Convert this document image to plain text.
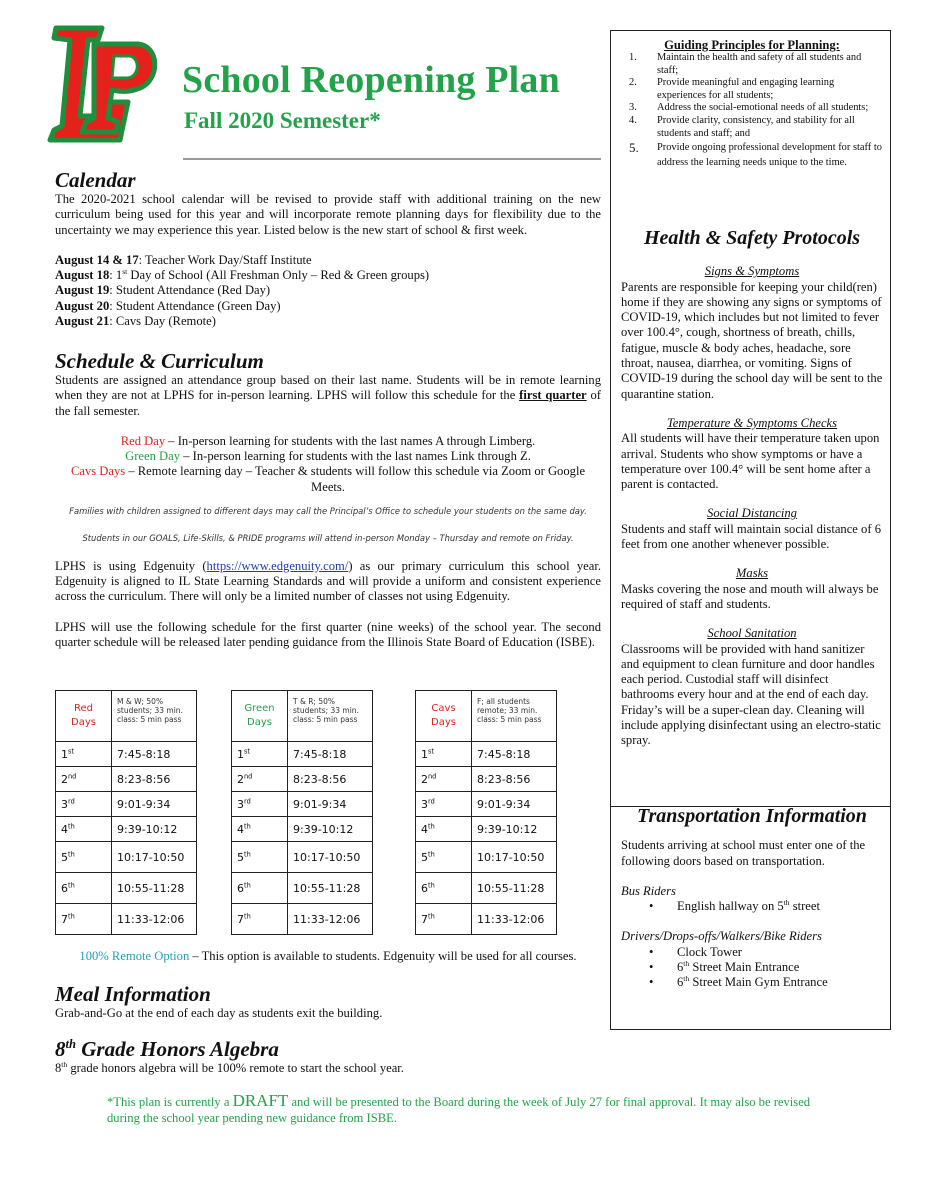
School Reopening Plan
Fall 2020 Semester*
Calendar

The 2020-2021 school calendar will be revised to provide staff with additional training on the new curriculum being used for this year and will incorporate remote planning days for flexibility due to the uncertainty we may experience this year. Listed below is the new start of school & first week.

August 14 & 17: Teacher Work Day/Staff Institute
August 18: 1st Day of School (All Freshman Only – Red & Green groups)
August 19: Student Attendance (Red Day)
August 20: Student Attendance (Green Day)
August 21: Cavs Day (Remote)
Schedule & Curriculum

Students are assigned an attendance group based on their last name. Students will be in remote learning when they are not at LPHS for in-person learning. LPHS will follow this schedule for the first quarter of the fall semester.

Red Day – In-person learning for students with the last names A through Limberg.
Green Day – In-person learning for students with the last names Link through Z.
Cavs Days – Remote learning day – Teacher & students will follow this schedule via Zoom or Google Meets.
Families with children assigned to different days may call the Principal’s Office to schedule your students on the same day.
Students in our GOALS, Life-Skills, & PRIDE programs will attend in-person Monday – Thursday and remote on Friday.

LPHS is using Edgenuity (https://www.edgenuity.com/) as our primary curriculum this school year. Edgenuity is aligned to IL State Learning Standards and will provide a uniform and consistent experience across the curriculum. There will only be a limited number of classes not using Edgenuity.

LPHS will use the following schedule for the first quarter (nine weeks) of the school year. The second quarter schedule will be released later pending guidance from the Illinois State Board of Education (ISBE).

Red
Days	M & W; 50% students; 33 min. class: 5 min pass
1st	7:45-8:18
2nd	8:23-8:56
3rd	9:01-9:34
4th	9:39-10:12
5th	10:17-10:50
6th	10:55-11:28
7th	11:33-12:06
Green
Days	T & R; 50% students; 33 min. class: 5 min pass
1st	7:45-8:18
2nd	8:23-8:56
3rd	9:01-9:34
4th	9:39-10:12
5th	10:17-10:50
6th	10:55-11:28
7th	11:33-12:06
Cavs
Days	F; all students remote; 33 min. class: 5 min pass
1st	7:45-8:18
2nd	8:23-8:56
3rd	9:01-9:34
4th	9:39-10:12
5th	10:17-10:50
6th	10:55-11:28
7th	11:33-12:06
100% Remote Option – This option is available to students. Edgenuity will be used for all courses.
Meal Information
Grab-and-Go at the end of each day as students exit the building.
8th Grade Honors Algebra
8th grade honors algebra will be 100% remote to start the school year.
*This plan is currently a DRAFT and will be presented to the Board during the week of July 27 for final approval. It may also be revised during the school year pending new guidance from ISBE.
Guiding Principles for Planning:
1. Maintain the health and safety of all students and staff;
2. Provide meaningful and engaging learning experiences for all students;
3. Address the social-emotional needs of all students;
4. Provide clarity, consistency, and stability for all students and staff; and
5. Provide ongoing professional development for staff to address the learning needs unique to the time.
Health & Safety Protocols
Signs & Symptoms
Parents are responsible for keeping your child(ren) home if they are showing any signs or symptoms of COVID-19, which includes but not limited to fever over 100.4°, cough, shortness of breath, chills, fatigue, muscle & body aches, headache, sore throat, nausea, diarrhea, or vomiting. Signs of COVID-19 during the school day will be sent to the quarantine station.
Temperature & Symptoms Checks
All students will have their temperature taken upon arrival. Students who show symptoms or have a temperature over 100.4° will be sent home after a parent is contacted.
Social Distancing
Students and staff will maintain social distance of 6 feet from one another whenever possible.
Masks
Masks covering the nose and mouth will always be required of staff and students.
School Sanitation
Classrooms will be provided with hand sanitizer and equipment to clean furniture and door handles each period. Custodial staff will disinfect bathrooms every hour and at the end of each day. Friday’s will be a super-clean day. Cleaning will include applying disinfectant using an electro-static spray.
Transportation Information
Students arriving at school must enter one of the following doors based on transportation.
Bus Riders
• English hallway on 5th street
Drivers/Drops-offs/Walkers/Bike Riders
• Clock Tower
• 6th Street Main Entrance
• 6th Street Main Gym Entrance
